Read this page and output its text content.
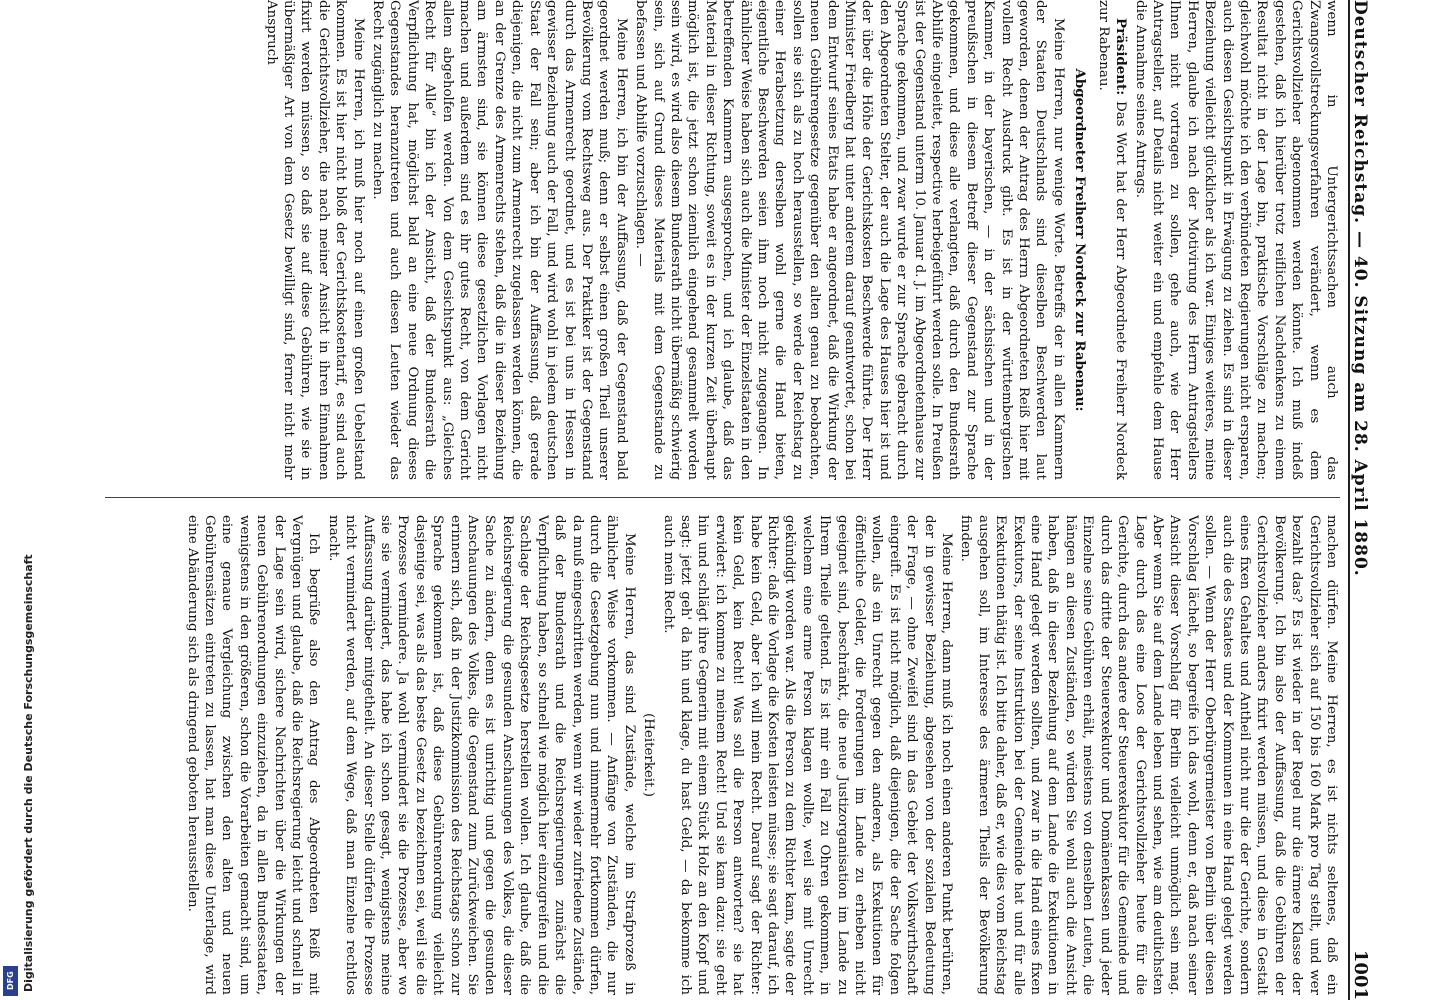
Digitalisierung gefördert durch die Deutsche Forschungsgemeinschaft
DFG
Deutscher Reichstag. — 40. Sitzung am 28. April 1880.
1001

wenn in Untergerichtssachen auch das Zwangsvollstreckungsverfahren verändert, wenn es dem Gerichtsvollzieher abgenommen werden könnte. Ich muß indeß gestehen, daß ich hierüber trotz reiflichen Nachdenkens zu einem Resultat nicht in der Lage bin, praktische Vorschläge zu machen; gleichwohl möchte ich den verbündeten Regierungen nicht ersparen, auch diesen Gesichtspunkt in Erwägung zu ziehen. Es sind in dieser Beziehung vielleicht glücklicher als ich war. Einiges weiteres, meine Herren, glaube ich nach der Motivirung des Herrn Antragstellers Ihnen nicht vortragen zu sollen, gehe auch, wie der Herr Antragsteller, auf Details nicht weiter ein und empfehle dem Hause die Annahme seines Antrags.

Präsident: Das Wort hat der Herr Abgeordnete Freiherr Nordeck zur Rabenau.

Abgeordneter Freiherr Nordeck zur Rabenau:

Meine Herren, nur wenige Worte. Betreffs der in allen Kammern der Staaten Deutschlands sind dieselben Beschwerden laut geworden, denen der Antrag des Herrn Abgeordneten Reiß hier mit vollem Recht Ausdruck gibt. Es ist in der württembergischen Kammer, in der bayerischen, — in der sächsischen und in der preußischen in diesem Betreff dieser Gegenstand zur Sprache gekommen, und diese alle verlangten, daß durch den Bundesrath Abhilfe eingeleitet, respective herbeigeführt werden solle. In Preußen ist der Gegenstand unterm 10. Januar d. J. im Abgeordnetenhause zur Sprache gekommen, und zwar wurde er zur Sprache gebracht durch den Abgeordneten Stelter, der auch die Lage des Hauses hier ist und der über die Höhe der Gerichtskosten Beschwerde führte. Der Herr Minister Friedberg hat unter anderem darauf geantwortet, schon bei dem Entwurf seines Etats habe er angeordnet, daß die Wirkung der neuen Gebührengesetze gegenüber den alten genau zu beobachten, sollen sie sich als zu hoch herausstellen, so werde der Reichstag zu einer Herabsetzung derselben wohl gerne die Hand bieten, eigentliche Beschwerden seien ihm noch nicht zugegangen. In ähnlicher Weise haben sich auch die Minister der Einzelstaaten in den betreffenden Kammern ausgesprochen, und ich glaube, daß das Material in dieser Richtung, soweit es in der kurzen Zeit überhaupt möglich ist, die jetzt schon ziemlich eingehend gesammelt worden sein wird, es wird also diesem Bundesrath nicht übermäßig schwierig sein, sich auf Grund dieses Materials mit dem Gegenstande zu befassen und Abhilfe vorzuschlagen. —

Meine Herren, ich bin der Auffassung, daß der Gegenstand bald geordnet werden muß; denn er selbst einen großen Theil unserer Bevölkerung vom Rechtsweg aus. Der Praktiker ist der Gegenstand durch das Armenrecht geordnet, und es ist bei uns in Hessen in gewisser Beziehung auch der Fall, und wird wohl in jedem deutschen Staat der Fall sein; aber ich bin der Auffassung, daß gerade diejenigen, die nicht zum Armenrecht zugelassen werden können, die an der Grenze des Armenrechts stehen, daß die in dieser Beziehung am ärmsten sind, sie können diese gesetzlichen Vorlagen nicht machen und außerdem sind es ihr gutes Recht, von dem Gericht allem abgeholfen werden. Von dem Gesichtspunkt aus: „Gleiches Recht für Alle“ bin ich der Ansicht, daß der Bundesrath die Verpflichtung hat, möglichst bald an eine neue Ordnung dieses Gegenstandes heranzutreten und auch diesen Leuten wieder das Recht zugänglich zu machen.

Meine Herren, ich muß hier noch auf einen großen Uebelstand kommen. Es ist hier nicht bloß der Gerichtskostentarif, es sind auch die Gerichtsvollzieher, die nach meiner Ansicht in ihren Einnahmen fixirt werden müssen, so daß sie auf diese Gebühren, wie sie in übermäßiger Art von dem Gesetz bewilligt sind, ferner nicht mehr Anspruch

machen dürfen. Meine Herren, es ist nichts seltenes, daß ein Gerichtsvollzieher sich auf 150 bis 160 Mark pro Tag stellt, und wer bezahlt das? Es ist wieder in der Regel nur die ärmere Klasse der Bevölkerung. Ich bin also der Auffassung, daß die Gebühren der Gerichtsvollzieher anders fixirt werden müssen, und diese in Gestalt eines fixen Gehaltes und Antheil nicht nur die der Gerichte, sondern auch die des Staates und der Kommunen in eine Hand gelegt werden sollen. — Wenn der Herr Oberbürgermeister von Berlin über diesen Vorschlag lächelt, so begreife ich das wohl, denn er, daß nach seiner Ansicht dieser Vorschlag für Berlin vielleicht unmöglich sein mag. Aber wenn Sie auf dem Lande leben und sehen, wie am deutlichsten Lage durch das eine Loos der Gerichtsvollzieher heute für die Gerichte, durch das andere der Steuerexekutor für die Gemeinde und durch das dritte der Steuerexekutor und Domänenkassen und jeder Einzelne seine Gebühren erhält, meistens von denselben Leuten, die hängen an diesen Zuständen, so würden Sie wohl auch die Ansicht haben, daß in dieser Beziehung auf dem Lande die Exekutionen in eine Hand gelegt werden sollten, und zwar in die Hand eines fixen Exekutors, der seine Instruktion bei der Gemeinde hat und für alle Exekutionen thätig ist. Ich bitte daher, daß er, wie dies vom Reichstag ausgehen soll, im Interesse des ärmeren Theils der Bevölkerung finden.

Meine Herren, dann muß ich noch einen anderen Punkt berühren, der in gewisser Beziehung, abgesehen von der sozialen Bedeutung der Frage, — ohne Zweifel sind in das Gebiet der Volkswirthschaft eingreift. Es ist nicht möglich, daß diejenigen, die der Sache folgen wollen, als ein Unrecht gegen den anderen, als Exekutionen für öffentliche Gelder, die Forderungen im Lande zu erheben nicht geeignet sind, beschränkt, die neue Justizorganisation im Lande zu Ihrem Theile geltend. Es ist mir ein Fall zu Ohren gekommen, in welchem eine arme Person klagen wollte, weil sie mit Unrecht gekündigt worden war. Als die Person zu dem Richter kam, sagte der Richter: daß die Vorlage die Kosten leisten müsse; sie sagt darauf, ich habe kein Geld, aber ich will mein Recht. Darauf sagt der Richter: kein Geld, kein Recht! Was soll die Person antworten? sie hat erwidert: ich komme zu meinem Recht! Und sie kam dazu: sie geht hin und schlägt ihre Gegnerin mit einem Stück Holz an den Kopf und sagt: jetzt geh' da hin und klage, du hast Geld, — da bekomme ich auch mein Recht.

(Heiterkeit.)

Meine Herren, das sind Zustände, welche im Strafprozeß in ähnlicher Weise vorkommen. — Anfänge von Zuständen, die nur durch die Gesetzgebung nun und nimmermehr fortkommen dürfen, da muß eingeschritten werden, wenn wir wieder zufriedene Zustände, daß der Bundesrath und die Reichsregierungen zunächst die Verpflichtung haben, so schnell wie möglich hier einzugreifen und die Sachlage der Reichsgesetze herstellen wollen. Ich glaube, daß die Reichsregierung die gesunden Anschauungen des Volkes, die dieser Sache zu ändern, denn es ist unrichtig und gegen die gesunden Anschauungen des Volkes, die Gegenstand zum Zurückweichen. Sie erinnern sich, daß in der Justizkommission des Reichstags schon zur Sprache gekommen ist, daß diese Gebührenordnung vielleicht dasjenige sei, was als das beste Gesetz zu bezeichnen sei, weil sie die Prozesse vermindere. Ja wohl vermindert sie die Prozesse, aber wo sie sie vermindert, das habe ich schon gesagt, wenigstens meine Auffassung darüber mitgetheilt. An dieser Stelle dürfen die Prozesse nicht vermindert werden, auf dem Wege, daß man Einzelne rechtlos macht.

Ich begrüße also den Antrag des Abgeordneten Reiß mit Vergnügen und glaube, daß die Reichsregierung leicht und schnell in der Lage sein wird, sichere Nachrichten über die Wirkungen der neuen Gebührenordnungen einzuziehen, da in allen Bundesstaaten, wenigstens in den größeren, schon die Vorarbeiten gemacht sind, um eine genaue Vergleichung zwischen den alten und neuen Gebührensätzen eintreten zu lassen, hat man diese Unterlage, wird eine Abänderung sich als dringend geboten herausstellen.
